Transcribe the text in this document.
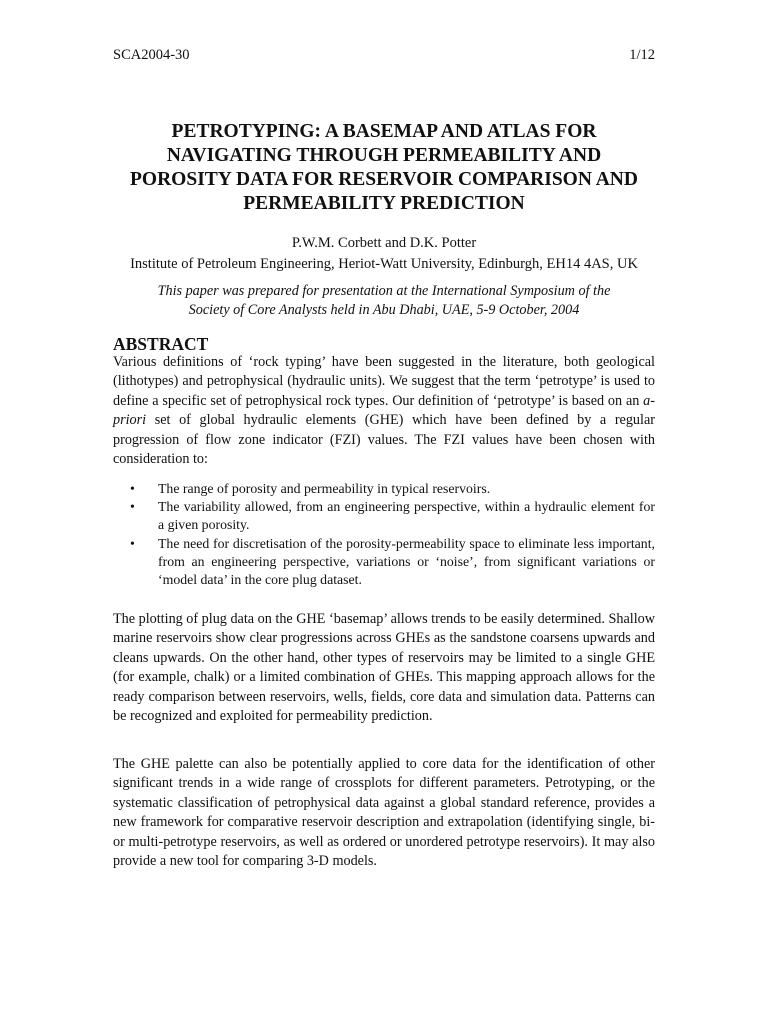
SCA2004-30	1/12
PETROTYPING: A BASEMAP AND ATLAS FOR
NAVIGATING THROUGH PERMEABILITY AND
POROSITY DATA FOR RESERVOIR COMPARISON AND
PERMEABILITY PREDICTION
P.W.M. Corbett and D.K. Potter
Institute of Petroleum Engineering, Heriot-Watt University, Edinburgh, EH14 4AS, UK
This paper was prepared for presentation at the International Symposium of the
Society of Core Analysts held in Abu Dhabi, UAE, 5-9 October, 2004
ABSTRACT
Various definitions of ‘rock typing’ have been suggested in the literature, both geological (lithotypes) and petrophysical (hydraulic units). We suggest that the term ‘petrotype’ is used to define a specific set of petrophysical rock types. Our definition of ‘petrotype’ is based on an a-priori set of global hydraulic elements (GHE) which have been defined by a regular progression of flow zone indicator (FZI) values. The FZI values have been chosen with consideration to:
• The range of porosity and permeability in typical reservoirs.
• The variability allowed, from an engineering perspective, within a hydraulic element for a given porosity.
• The need for discretisation of the porosity-permeability space to eliminate less important, from an engineering perspective, variations or ‘noise’, from significant variations or ‘model data’ in the core plug dataset.
The plotting of plug data on the GHE ‘basemap’ allows trends to be easily determined. Shallow marine reservoirs show clear progressions across GHEs as the sandstone coarsens upwards and cleans upwards. On the other hand, other types of reservoirs may be limited to a single GHE (for example, chalk) or a limited combination of GHEs. This mapping approach allows for the ready comparison between reservoirs, wells, fields, core data and simulation data. Patterns can be recognized and exploited for permeability prediction.
The GHE palette can also be potentially applied to core data for the identification of other significant trends in a wide range of crossplots for different parameters. Petrotyping, or the systematic classification of petrophysical data against a global standard reference, provides a new framework for comparative reservoir description and extrapolation (identifying single, bi- or multi-petrotype reservoirs, as well as ordered or unordered petrotype reservoirs). It may also provide a new tool for comparing 3-D models.
